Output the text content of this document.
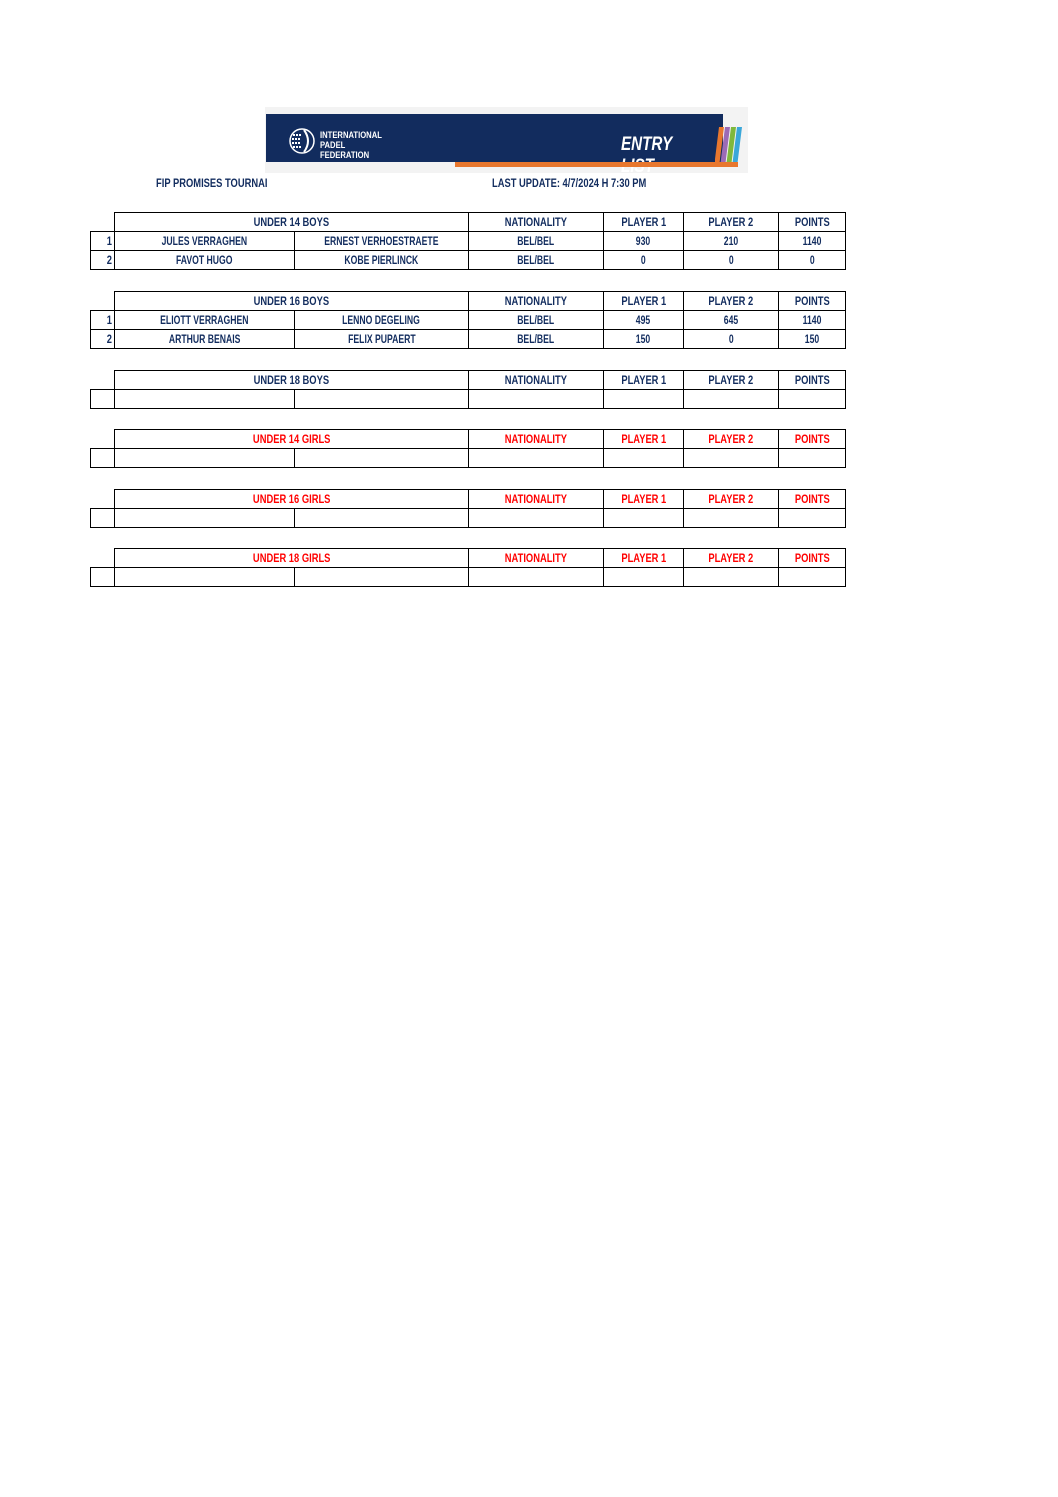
INTERNATIONAL
PADEL
FEDERATION	ENTRY
FIP PROMISES TOURNAI	LAST UPDATE: 4/7/2024 H 7:30 PM
	UNDER 14 BOYS		NATIONALITY	PLAYER 1	PLAYER 2	POINTS
1	JULES VERRAGHEN	ERNEST VERHOESTRAETE	BEL/BEL	930	210	1140
2	FAVOT HUGO	KOBE PIERLINCK	BEL/BEL	0	0	0
	UNDER 16 BOYS		NATIONALITY	PLAYER 1	PLAYER 2	POINTS
1	ELIOTT VERRAGHEN	LENNO DEGELING	BEL/BEL	495	645	1140
2	ARTHUR BENAIS	FELIX PUPAERT	BEL/BEL	150	0	150
	UNDER 18 BOYS		NATIONALITY	PLAYER 1	PLAYER 2	POINTS

	UNDER 14 GIRLS		NATIONALITY	PLAYER 1	PLAYER 2	POINTS

	UNDER 16 GIRLS		NATIONALITY	PLAYER 1	PLAYER 2	POINTS

	UNDER 18 GIRLS		NATIONALITY	PLAYER 1	PLAYER 2	POINTS
